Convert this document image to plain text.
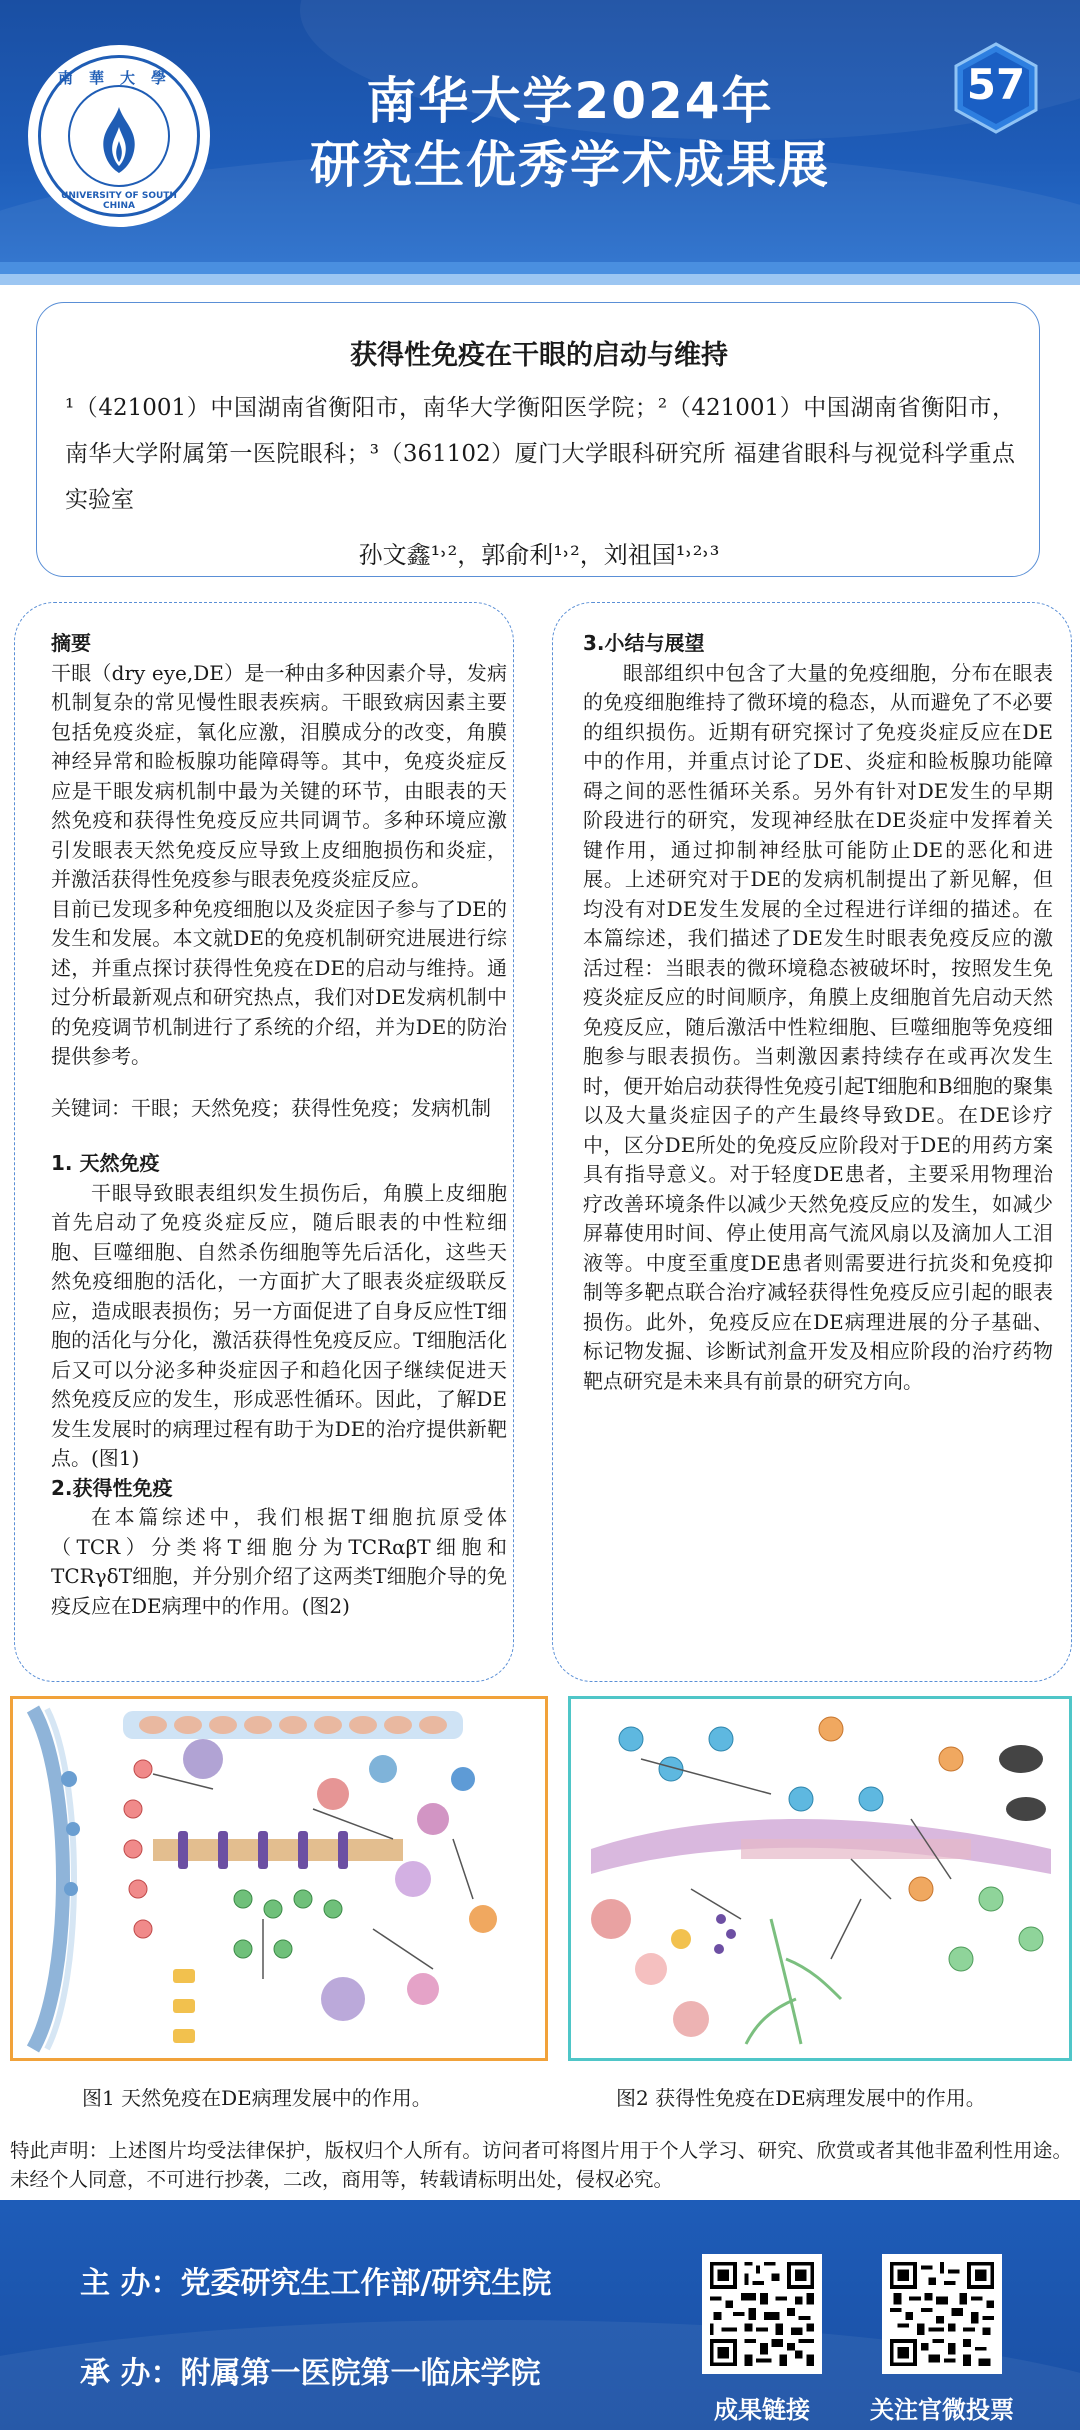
南華大學
UNIVERSITY OF SOUTH CHINA
南华大学2024年
研究生优秀学术成果展
57
获得性免疫在干眼的启动与维持
¹（421001）中国湖南省衡阳市，南华大学衡阳医学院；²（421001）中国湖南省衡阳市，南华大学附属第一医院眼科；³（361102）厦门大学眼科研究所 福建省眼科与视觉科学重点实验室
孙文鑫¹˒²，郭俞利¹˒²，刘祖国¹˒²˒³
摘要
干眼（dry eye,DE）是一种由多种因素介导，发病机制复杂的常见慢性眼表疾病。干眼致病因素主要包括免疫炎症，氧化应激，泪膜成分的改变，角膜神经异常和睑板腺功能障碍等。其中，免疫炎症反应是干眼发病机制中最为关键的环节，由眼表的天然免疫和获得性免疫反应共同调节。多种环境应激引发眼表天然免疫反应导致上皮细胞损伤和炎症，并激活获得性免疫参与眼表免疫炎症反应。
目前已发现多种免疫细胞以及炎症因子参与了DE的发生和发展。本文就DE的免疫机制研究进展进行综述，并重点探讨获得性免疫在DE的启动与维持。通过分析最新观点和研究热点，我们对DE发病机制中的免疫调节机制进行了系统的介绍，并为DE的防治提供参考。
关键词：干眼；天然免疫；获得性免疫；发病机制
1. 天然免疫
干眼导致眼表组织发生损伤后，角膜上皮细胞首先启动了免疫炎症反应，随后眼表的中性粒细胞、巨噬细胞、自然杀伤细胞等先后活化，这些天然免疫细胞的活化，一方面扩大了眼表炎症级联反应，造成眼表损伤；另一方面促进了自身反应性T细胞的活化与分化，激活获得性免疫反应。T细胞活化后又可以分泌多种炎症因子和趋化因子继续促进天然免疫反应的发生，形成恶性循环。因此，了解DE发生发展时的病理过程有助于为DE的治疗提供新靶点。(图1)
2.获得性免疫
在本篇综述中，我们根据T细胞抗原受体（TCR）分类将T细胞分为TCRαβT细胞和TCRγδT细胞，并分别介绍了这两类T细胞介导的免疫反应在DE病理中的作用。(图2)
3.小结与展望
眼部组织中包含了大量的免疫细胞，分布在眼表的免疫细胞维持了微环境的稳态，从而避免了不必要的组织损伤。近期有研究探讨了免疫炎症反应在DE中的作用，并重点讨论了DE、炎症和睑板腺功能障碍之间的恶性循环关系。另外有针对DE发生的早期阶段进行的研究，发现神经肽在DE炎症中发挥着关键作用，通过抑制神经肽可能防止DE的恶化和进展。上述研究对于DE的发病机制提出了新见解，但均没有对DE发生发展的全过程进行详细的描述。在本篇综述，我们描述了DE发生时眼表免疫反应的激活过程：当眼表的微环境稳态被破坏时，按照发生免疫炎症反应的时间顺序，角膜上皮细胞首先启动天然免疫反应，随后激活中性粒细胞、巨噬细胞等免疫细胞参与眼表损伤。当刺激因素持续存在或再次发生时，便开始启动获得性免疫引起T细胞和B细胞的聚集以及大量炎症因子的产生最终导致DE。在DE诊疗中，区分DE所处的免疫反应阶段对于DE的用药方案具有指导意义。对于轻度DE患者，主要采用物理治疗改善环境条件以减少天然免疫反应的发生，如减少屏幕使用时间、停止使用高气流风扇以及滴加人工泪液等。中度至重度DE患者则需要进行抗炎和免疫抑制等多靶点联合治疗减轻获得性免疫反应引起的眼表损伤。此外，免疫反应在DE病理进展的分子基础、标记物发掘、诊断试剂盒开发及相应阶段的治疗药物靶点研究是未来具有前景的研究方向。
图1 天然免疫在DE病理发展中的作用。	图2 获得性免疫在DE病理发展中的作用。
特此声明：上述图片均受法律保护，版权归个人所有。访问者可将图片用于个人学习、研究、欣赏或者其他非盈利性用途。未经个人同意，不可进行抄袭，二改，商用等，转载请标明出处，侵权必究。
主 办：党委研究生工作部/研究生院
承 办：附属第一医院第一临床学院
成果链接	关注官微投票
